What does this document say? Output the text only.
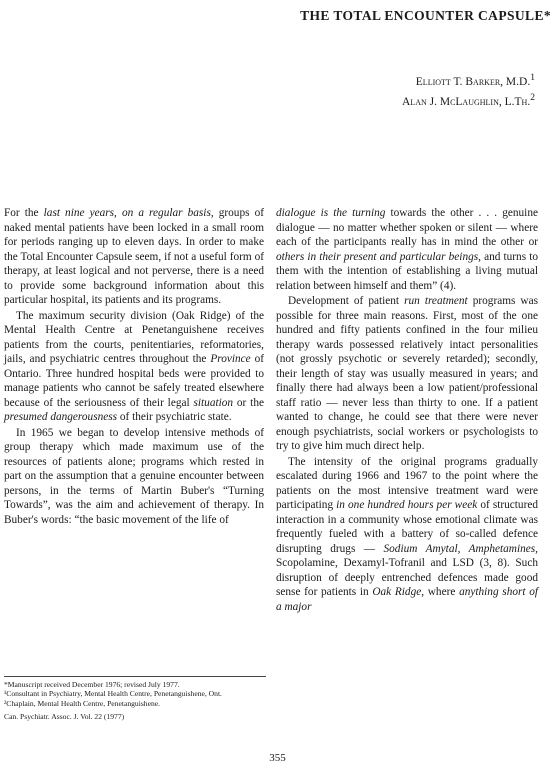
THE TOTAL ENCOUNTER CAPSULE*
Elliott T. Barker, M.D.$^1$
Alan J. McLaughlin, L.Th.$^2$

For the last nine years, on a regular basis, groups of naked mental patients have been locked in a small room for periods ranging up to eleven days. In order to make the Total Encounter Capsule seem, if not a useful form of therapy, at least logical and not perverse, there is a need to provide some background information about this particular hospital, its patients and its programs.

The maximum security division (Oak Ridge) of the Mental Health Centre at Penetanguishene receives patients from the courts, penitentiaries, reformatories, jails, and psychiatric centres throughout the Province of Ontario. Three hundred hospital beds were provided to manage patients who cannot be safely treated elsewhere because of the seriousness of their legal situation or the presumed dangerousness of their psychiatric state.

In 1965 we began to develop intensive methods of group therapy which made maximum use of the resources of patients alone; programs which rested in part on the assumption that a genuine encounter between persons, in the terms of Martin Buber's “Turning Towards”, was the aim and achievement of therapy. In Buber's words: “the basic movement of the life of

dialogue is the turning towards the other . . . genuine dialogue — no matter whether spoken or silent — where each of the participants really has in mind the other or others in their present and particular beings, and turns to them with the intention of establishing a living mutual relation between himself and them” (4).

Development of patient run treatment programs was possible for three main reasons. First, most of the one hundred and fifty patients confined in the four milieu therapy wards possessed relatively intact personalities (not grossly psychotic or severely retarded); secondly, their length of stay was usually measured in years; and finally there had always been a low patient/professional staff ratio — never less than thirty to one. If a patient wanted to change, he could see that there were never enough psychiatrists, social workers or psychologists to try to give him much direct help.

The intensity of the original programs gradually escalated during 1966 and 1967 to the point where the patients on the most intensive treatment ward were participating in one hundred hours per week of structured interaction in a community whose emotional climate was frequently fueled with a battery of so-called defence disrupting drugs — Sodium Amytal, Amphetamines, Scopolamine, Dexamyl-Tofranil and LSD (3, 8). Such disruption of deeply entrenched defences made good sense for patients in Oak Ridge, where anything short of a major

*Manuscript received December 1976; revised July 1977.

¹Consultant in Psychiatry, Mental Health Centre, Penetanguishene, Ont.

²Chaplain, Mental Health Centre, Penetanguishene.

Can. Psychiatr. Assoc. J. Vol. 22 (1977)
355
